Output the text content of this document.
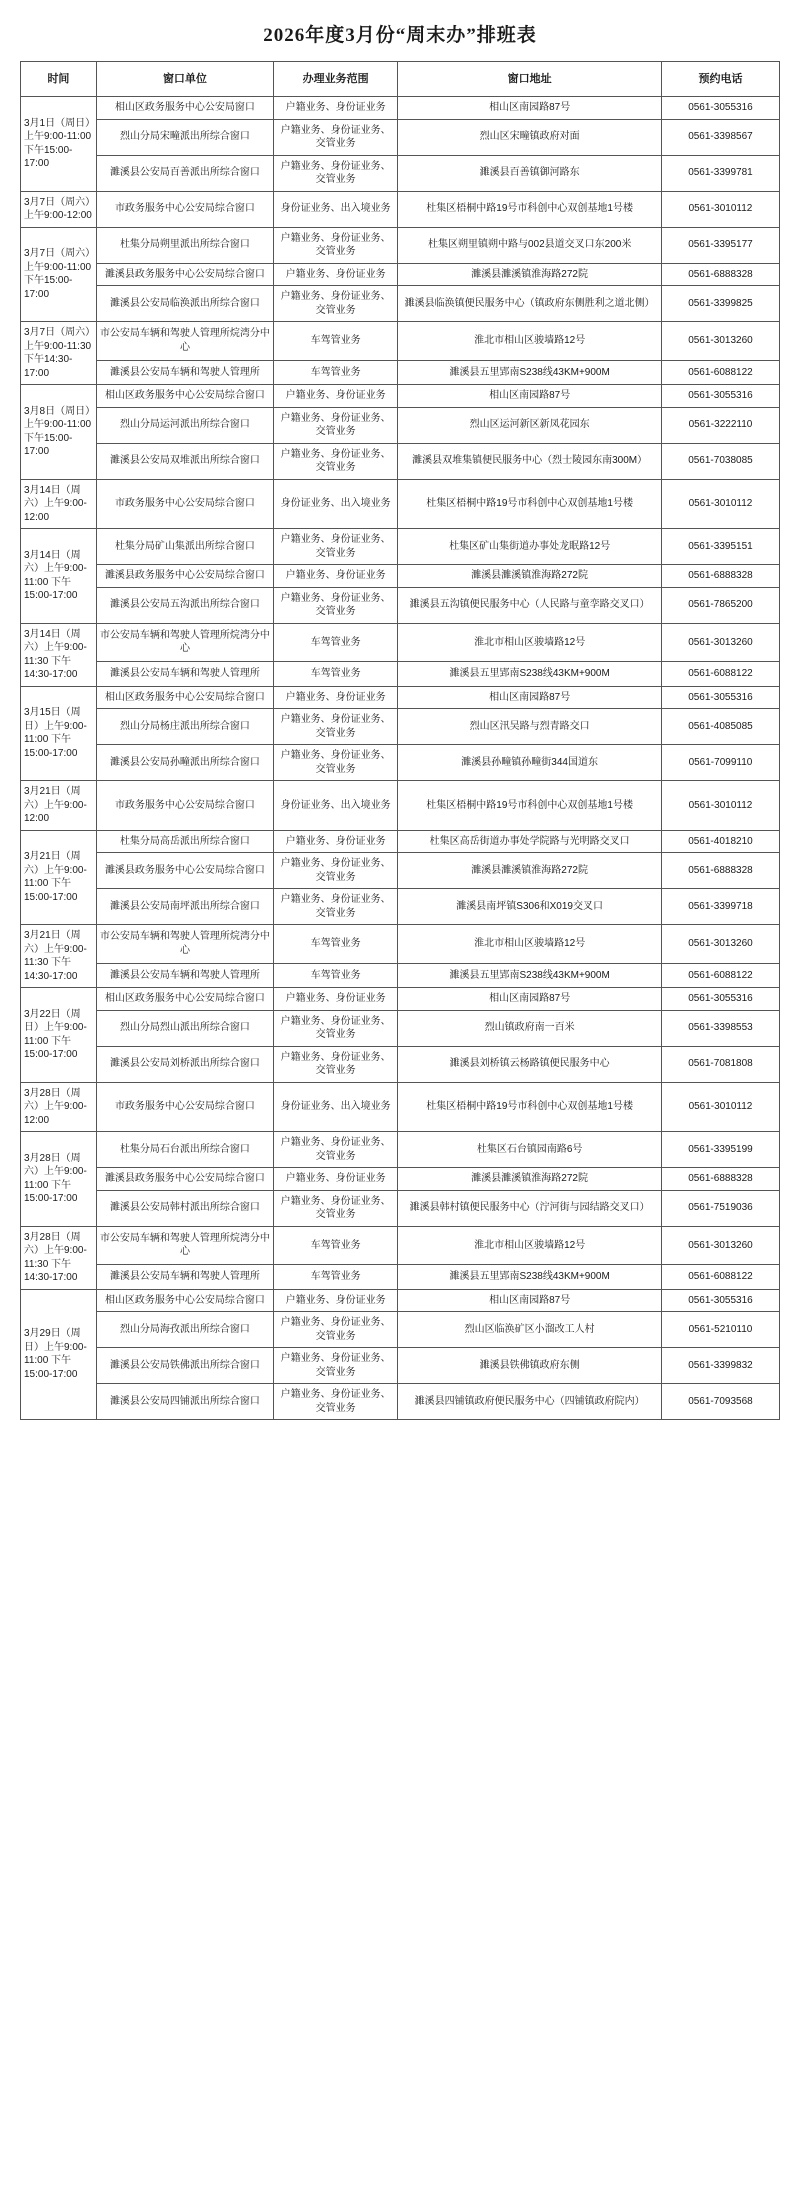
2026年度3月份“周末办”排班表
时间	窗口单位	办理业务范围	窗口地址	预约电话
3月1日（周日）上午9:00-11:00 下午15:00-17:00	相山区政务服务中心公安局窗口	户籍业务、身份证业务	相山区南园路87号	0561-3055316
	烈山分局宋疃派出所综合窗口	户籍业务、身份证业务、交管业务	烈山区宋疃镇政府对面	0561-3398567
	濉溪县公安局百善派出所综合窗口	户籍业务、身份证业务、交管业务	濉溪县百善镇御河路东	0561-3399781
3月7日（周六）上午9:00-12:00	市政务服务中心公安局综合窗口	身份证业务、出入境业务	杜集区梧桐中路19号市科创中心双创基地1号楼	0561-3010112
3月7日（周六）上午9:00-11:00 下午15:00-17:00	杜集分局朔里派出所综合窗口	户籍业务、身份证业务、交管业务	杜集区朔里镇朔中路与002县道交叉口东200米	0561-3395177
	濉溪县政务服务中心公安局综合窗口	户籍业务、身份证业务	濉溪县濉溪镇淮海路272院	0561-6888328
	濉溪县公安局临涣派出所综合窗口	户籍业务、身份证业务、交管业务	濉溪县临涣镇便民服务中心（镇政府东侧胜利之道北侧）	0561-3399825
3月7日（周六）上午9:00-11:30 下午14:30-17:00	市公安局车辆和驾驶人管理所烷湾分中心	车驾管业务	淮北市相山区骏墙路12号	0561-3013260
	濉溪县公安局车辆和驾驶人管理所	车驾管业务	濉溪县五里郢南S238线43KM+900M	0561-6088122
3月8日（周日）上午9:00-11:00 下午15:00-17:00	相山区政务服务中心公安局综合窗口	户籍业务、身份证业务	相山区南园路87号	0561-3055316
	烈山分局运河派出所综合窗口	户籍业务、身份证业务、交管业务	烈山区运河新区新凤花园东	0561-3222110
	濉溪县公安局双堆派出所综合窗口	户籍业务、身份证业务、交管业务	濉溪县双堆集镇便民服务中心（烈士陵园东南300M）	0561-7038085
3月14日（周六）上午9:00-12:00	市政务服务中心公安局综合窗口	身份证业务、出入境业务	杜集区梧桐中路19号市科创中心双创基地1号楼	0561-3010112
3月14日（周六）上午9:00-11:00 下午15:00-17:00	杜集分局矿山集派出所综合窗口	户籍业务、身份证业务、交管业务	杜集区矿山集街道办事处龙眠路12号	0561-3395151
	濉溪县政务服务中心公安局综合窗口	户籍业务、身份证业务	濉溪县濉溪镇淮海路272院	0561-6888328
	濉溪县公安局五沟派出所综合窗口	户籍业务、身份证业务、交管业务	濉溪县五沟镇便民服务中心（人民路与童孪路交叉口）	0561-7865200
3月14日（周六）上午9:00-11:30 下午14:30-17:00	市公安局车辆和驾驶人管理所烷湾分中心	车驾管业务	淮北市相山区骏墙路12号	0561-3013260
	濉溪县公安局车辆和驾驶人管理所	车驾管业务	濉溪县五里郢南S238线43KM+900M	0561-6088122
3月15日（周日）上午9:00-11:00 下午15:00-17:00	相山区政务服务中心公安局综合窗口	户籍业务、身份证业务	相山区南园路87号	0561-3055316
	烈山分局杨庄派出所综合窗口	户籍业务、身份证业务、交管业务	烈山区汛吴路与烈青路交口	0561-4085085
	濉溪县公安局孙疃派出所综合窗口	户籍业务、身份证业务、交管业务	濉溪县孙疃镇孙疃街344国道东	0561-7099110
3月21日（周六）上午9:00-12:00	市政务服务中心公安局综合窗口	身份证业务、出入境业务	杜集区梧桐中路19号市科创中心双创基地1号楼	0561-3010112
3月21日（周六）上午9:00-11:00 下午15:00-17:00	杜集分局高岳派出所综合窗口	户籍业务、身份证业务	杜集区高岳街道办事处学院路与光明路交叉口	0561-4018210
	濉溪县政务服务中心公安局综合窗口	户籍业务、身份证业务、交管业务	濉溪县濉溪镇淮海路272院	0561-6888328
	濉溪县公安局南坪派出所综合窗口	户籍业务、身份证业务、交管业务	濉溪县南坪镇S306和X019交叉口	0561-3399718
3月21日（周六）上午9:00-11:30 下午14:30-17:00	市公安局车辆和驾驶人管理所烷湾分中心	车驾管业务	淮北市相山区骏墙路12号	0561-3013260
	濉溪县公安局车辆和驾驶人管理所	车驾管业务	濉溪县五里郢南S238线43KM+900M	0561-6088122
3月22日（周日）上午9:00-11:00 下午15:00-17:00	相山区政务服务中心公安局综合窗口	户籍业务、身份证业务	相山区南园路87号	0561-3055316
	烈山分局烈山派出所综合窗口	户籍业务、身份证业务、交管业务	烈山镇政府南一百米	0561-3398553
	濉溪县公安局刘桥派出所综合窗口	户籍业务、身份证业务、交管业务	濉溪县刘桥镇云杨路镇便民服务中心	0561-7081808
3月28日（周六）上午9:00-12:00	市政务服务中心公安局综合窗口	身份证业务、出入境业务	杜集区梧桐中路19号市科创中心双创基地1号楼	0561-3010112
3月28日（周六）上午9:00-11:00 下午15:00-17:00	杜集分局石台派出所综合窗口	户籍业务、身份证业务、交管业务	杜集区石台镇园南路6号	0561-3395199
	濉溪县政务服务中心公安局综合窗口	户籍业务、身份证业务	濉溪县濉溪镇淮海路272院	0561-6888328
	濉溪县公安局韩村派出所综合窗口	户籍业务、身份证业务、交管业务	濉溪县韩村镇便民服务中心（泞河街与园结路交叉口）	0561-7519036
3月28日（周六）上午9:00-11:30 下午14:30-17:00	市公安局车辆和驾驶人管理所烷湾分中心	车驾管业务	淮北市相山区骏墙路12号	0561-3013260
	濉溪县公安局车辆和驾驶人管理所	车驾管业务	濉溪县五里郢南S238线43KM+900M	0561-6088122
3月29日（周日）上午9:00-11:00 下午15:00-17:00	相山区政务服务中心公安局综合窗口	户籍业务、身份证业务	相山区南园路87号	0561-3055316
	烈山分局海孜派出所综合窗口	户籍业务、身份证业务、交管业务	烈山区临涣矿区小溜改工人村	0561-5210110
	濉溪县公安局铁佛派出所综合窗口	户籍业务、身份证业务、交管业务	濉溪县铁佛镇政府东侧	0561-3399832
	濉溪县公安局四铺派出所综合窗口	户籍业务、身份证业务、交管业务	濉溪县四铺镇政府便民服务中心（四铺镇政府院内）	0561-7093568
